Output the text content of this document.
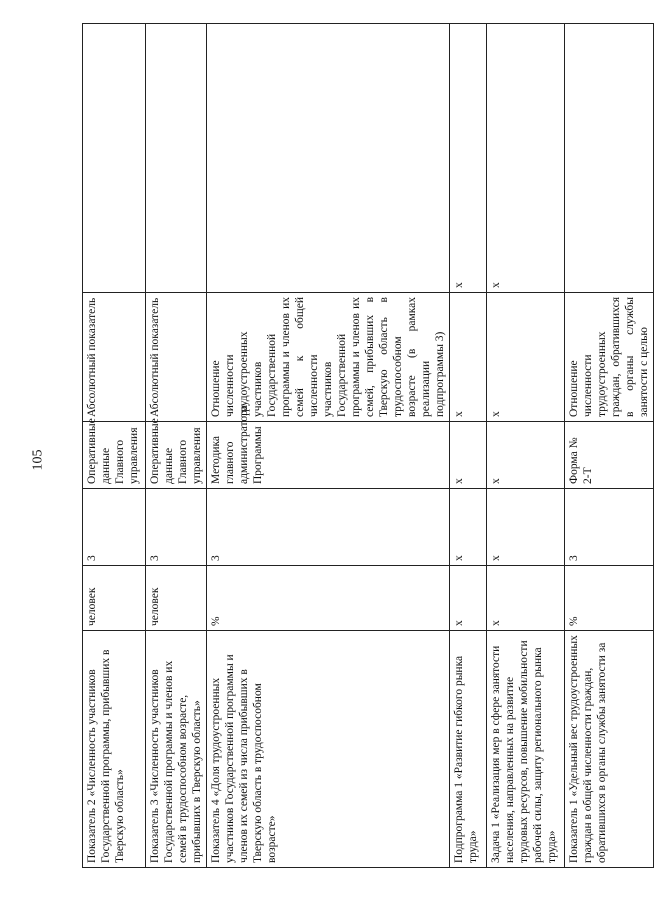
105
Показатель 2 «Численность участников Государственной программы, прибывших в Тверскую область»	человек	3	Оперативные данные Главного управления	Абсолютный показатель	
Показатель 3 «Численность участников Государственной программы и членов их семей в трудоспособном возрасте, прибывших в Тверскую область»	человек	3	Оперативные данные Главного управления	Абсолютный показатель	
Показатель 4 «Доля трудоустроенных участников Государственной программы и членов их семей из числа прибывших в Тверскую область в трудоспособном возрасте»	%	3	Методика главного администратора Программы	Отношение численности трудоустроенных участников Государственной программы и членов их семей к общей численности участников Государственной программы и членов их семей, прибывших в Тверскую область в трудоспособном возрасте (в рамках реализации подпрограммы 3)	
Подпрограмма 1 «Развитие гибкого рынка труда»	х	х	х	х	х
Задача 1 «Реализация мер в сфере занятости населения, направленных на развитие трудовых ресурсов, повышение мобильности рабочей силы, защиту регионального рынка труда»	х	х	х	х	х
Показатель 1 «Удельный вес трудоустроенных граждан в общей численности граждан, обратившихся в органы службы занятости за	%	3	Форма № 2-Т	Отношение численности трудоустроенных граждан, обратившихся в органы службы занятости с целью	
